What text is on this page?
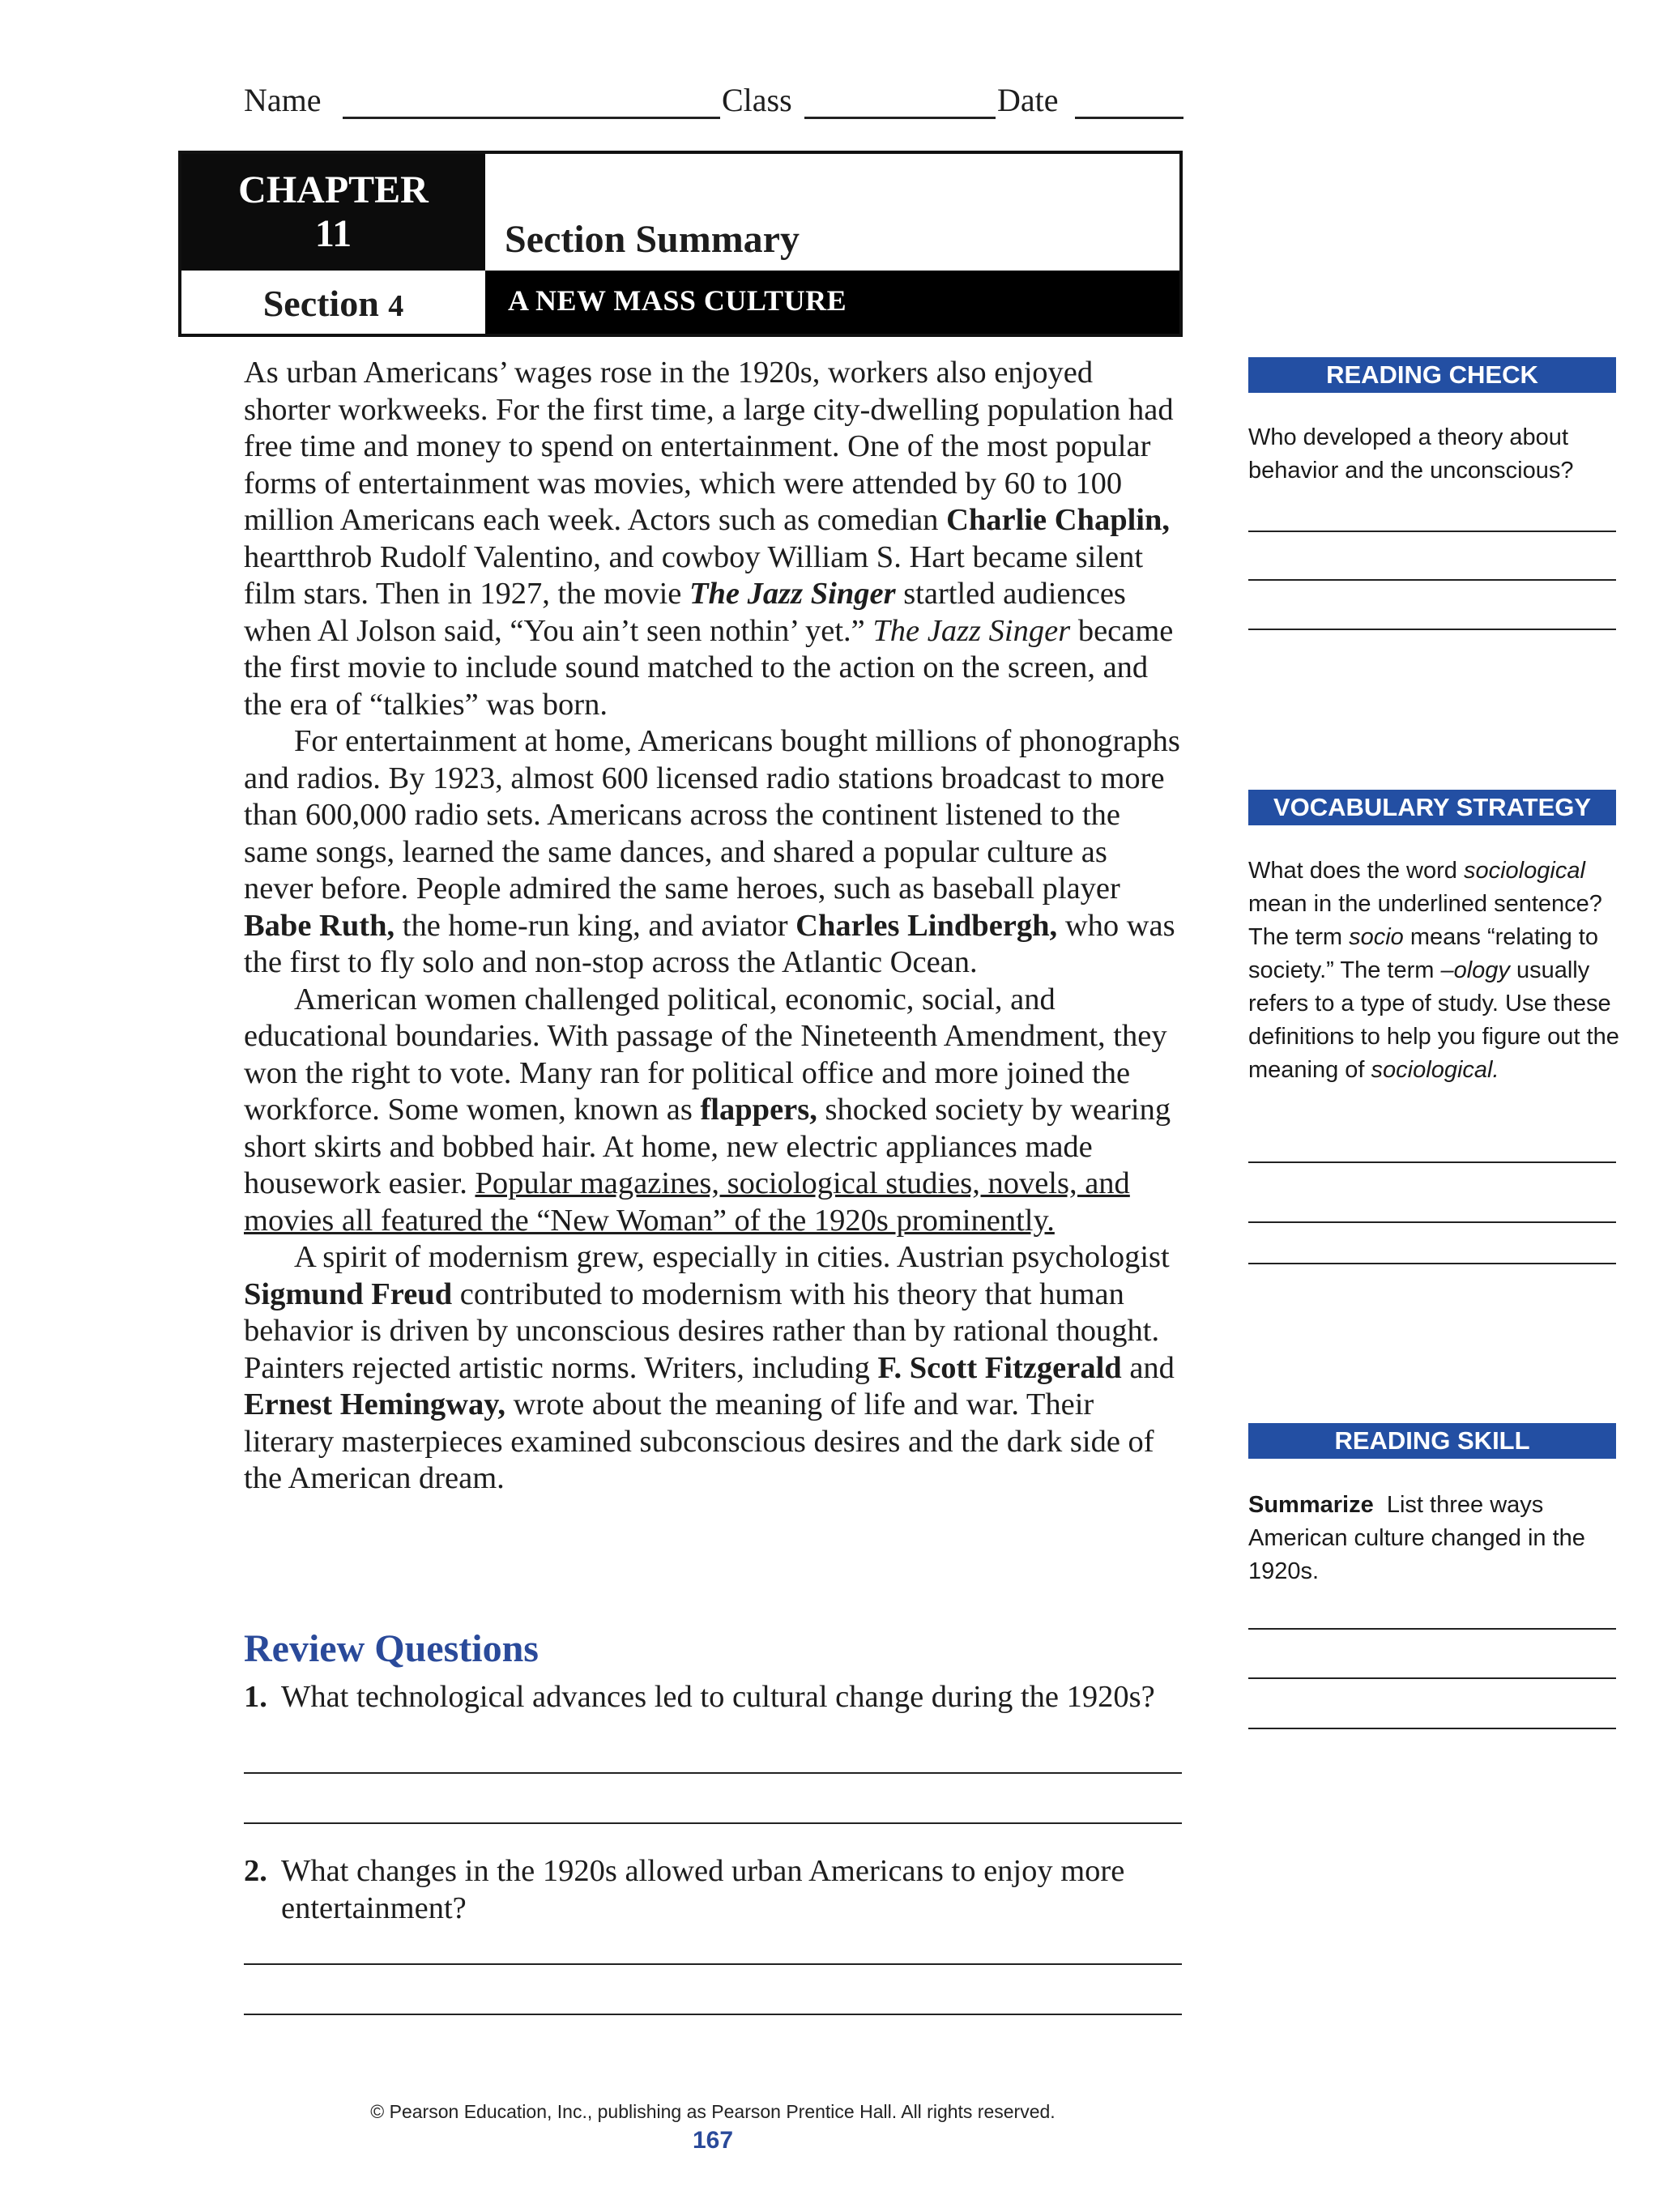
Name	Class	Date
CHAPTER
11	Section Summary
Section 4	A NEW MASS CULTURE

As urban Americans’ wages rose in the 1920s, workers also enjoyed shorter workweeks. For the first time, a large city-dwelling population had free time and money to spend on entertainment. One of the most popular forms of entertainment was movies, which were attended by 60 to 100 million Americans each week. Actors such as comedian Charlie Chaplin, heartthrob Rudolf Valentino, and cowboy William S. Hart became silent film stars. Then in 1927, the movie The Jazz Singer startled audiences when Al Jolson said, “You ain’t seen nothin’ yet.” The Jazz Singer became the first movie to include sound matched to the action on the screen, and the era of “talkies” was born.

For entertainment at home, Americans bought millions of phonographs and radios. By 1923, almost 600 licensed radio stations broadcast to more than 600,000 radio sets. Americans across the continent listened to the same songs, learned the same dances, and shared a popular culture as never before. People admired the same heroes, such as baseball player Babe Ruth, the home-run king, and aviator Charles Lindbergh, who was the first to fly solo and non-stop across the Atlantic Ocean.

American women challenged political, economic, social, and educational boundaries. With passage of the Nineteenth Amendment, they won the right to vote. Many ran for political office and more joined the workforce. Some women, known as flappers, shocked society by wearing short skirts and bobbed hair. At home, new electric appliances made housework easier. Popular magazines, sociological studies, novels, and movies all featured the “New Woman” of the 1920s prominently.

A spirit of modernism grew, especially in cities. Austrian psychologist Sigmund Freud contributed to modernism with his theory that human behavior is driven by unconscious desires rather than by rational thought. Painters rejected artistic norms. Writers, including F. Scott Fitzgerald and Ernest Hemingway, wrote about the meaning of life and war. Their literary masterpieces examined subconscious desires and the dark side of the American dream.

Review Questions
1. What technological advances led to cultural change during the 1920s?
2. What changes in the 1920s allowed urban Americans to enjoy more entertainment?
READING CHECK
Who developed a theory about behavior and the unconscious?
VOCABULARY STRATEGY
What does the word sociological mean in the underlined sentence? The term socio means “relating to society.” The term –ology usually refers to a type of study. Use these definitions to help you figure out the meaning of sociological.
READING SKILL
Summarize List three ways American culture changed in the 1920s.
© Pearson Education, Inc., publishing as Pearson Prentice Hall. All rights reserved.
167
